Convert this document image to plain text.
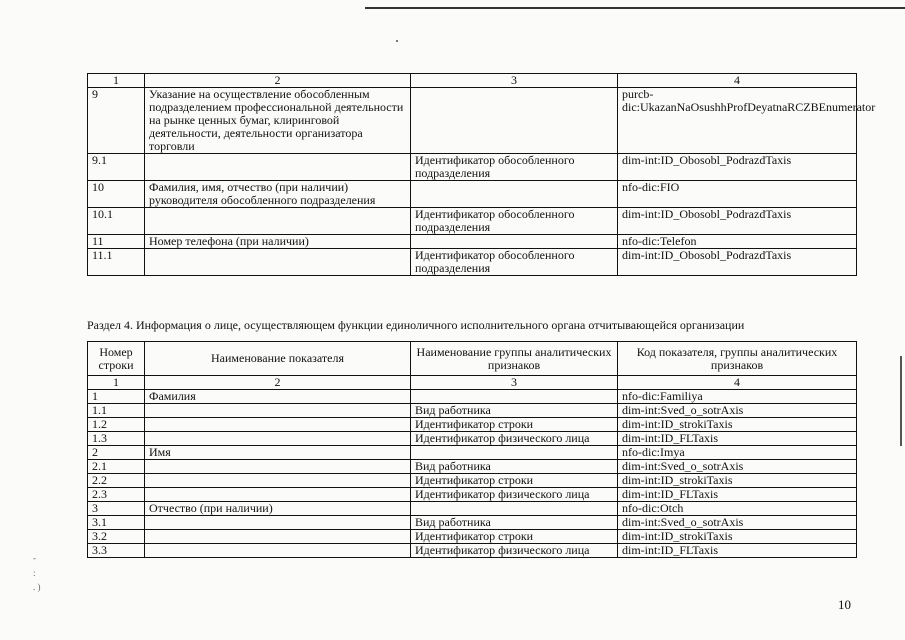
1	2	3	4
9	Указание на осуществление обособленным подразделением профессиональной деятельности на рынке ценных бумаг, клиринговой деятельности, деятельности организатора торговли		purcb-dic:UkazanNaOsushhProfDeyatnaRCZBEnumerator
9.1		Идентификатор обособленного подразделения	dim-int:ID_Obosobl_PodrazdTaxis
10	Фамилия, имя, отчество (при наличии) руководителя обособленного подразделения		nfo-dic:FIO
10.1		Идентификатор обособленного подразделения	dim-int:ID_Obosobl_PodrazdTaxis
11	Номер телефона (при наличии)		nfo-dic:Telefon
11.1		Идентификатор обособленного подразделения	dim-int:ID_Obosobl_PodrazdTaxis
Раздел 4. Информация о лице, осуществляющем функции единоличного исполнительного органа отчитывающейся организации
Номер строки	Наименование показателя	Наименование группы аналитических признаков	Код показателя, группы аналитических признаков
1	2	3	4
1	Фамилия		nfo-dic:Familiya
1.1		Вид работника	dim-int:Sved_o_sotrAxis
1.2		Идентификатор строки	dim-int:ID_strokiTaxis
1.3		Идентификатор физического лица	dim-int:ID_FLTaxis
2	Имя		nfo-dic:Imya
2.1		Вид работника	dim-int:Sved_o_sotrAxis
2.2		Идентификатор строки	dim-int:ID_strokiTaxis
2.3		Идентификатор физического лица	dim-int:ID_FLTaxis
3	Отчество (при наличии)		nfo-dic:Otch
3.1		Вид работника	dim-int:Sved_o_sotrAxis
3.2		Идентификатор строки	dim-int:ID_strokiTaxis
3.3		Идентификатор физического лица	dim-int:ID_FLTaxis
10
-
:
. )
